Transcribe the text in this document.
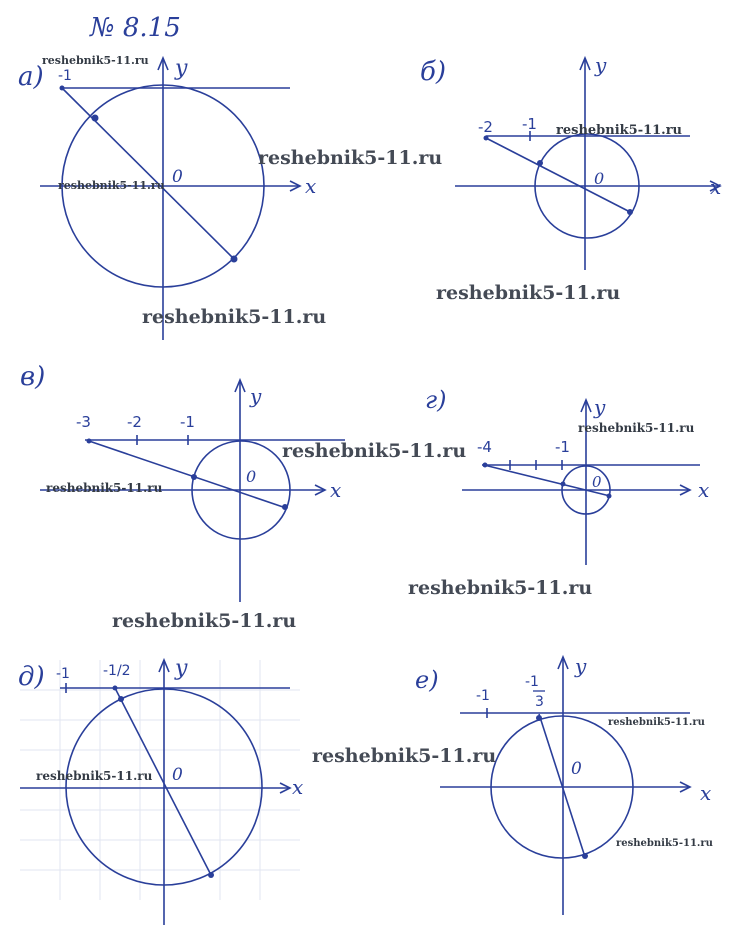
№ 8.15
а) -1	y
x
0
б)
-2 -1
y
x
0
в)
-3 -2	-1
y
x
0
г)
-4	-1
y
x
0
д) -1 -1/2 y
x
0
е)
-1
-1
3
y
x
0
reshebnik5-11.ru
reshebnik5-11.ru
reshebnik5-11.ru
reshebnik5-11.ru
reshebnik5-11.ru
reshebnik5-11.ru
reshebnik5-11.ru
reshebnik5-11.ru
reshebnik5-11.ru
reshebnik5-11.ru
reshebnik5-11.ru
reshebnik5-11.ru
reshebnik5-11.ru
reshebnik5-11.ru
reshebnik5-11.ru
